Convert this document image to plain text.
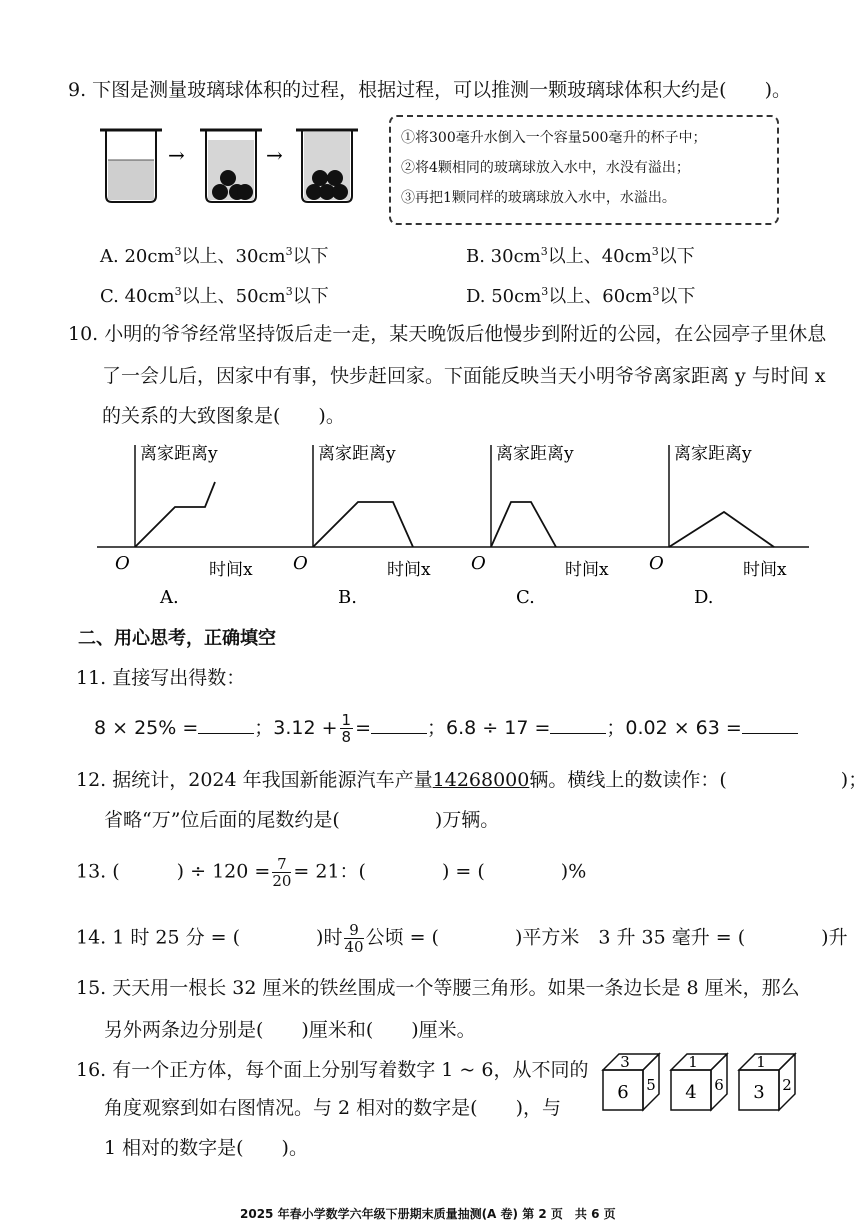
9. 下图是测量玻璃球体积的过程，根据过程，可以推测一颗玻璃球体积大约是(　　)。
→	→
①将300毫升水倒入一个容量500毫升的杯子中；
②将4颗相同的玻璃球放入水中，水没有溢出；
③再把1颗同样的玻璃球放入水中，水溢出。
A. $20cm^3$以上、$30cm^3$以下	B. $30cm^3$以上、$40cm^3$以下
C. $40cm^3$以上、$50cm^3$以下	D. $50cm^3$以上、$60cm^3$以下
10. 小明的爷爷经常坚持饭后走一走，某天晚饭后他慢步到附近的公园，在公园亭子里休息
了一会儿后，因家中有事，快步赶回家。下面能反映当天小明爷爷离家距离 y 与时间 x
的关系的大致图象是(　　)。
离家距离y
时间x
O
A.
离家距离y
时间x
O
B.
离家距离y
时间x
O
C.
离家距离y
时间x
O
D.
二、用心思考，正确填空
11. 直接写出得数：
8 × 25% =	；$3.12 + \frac{1}{8}$ =	；6.8 ÷ 17 =	；0.02 × 63 =
12. 据统计，2024 年我国新能源汽车产量14268000辆。横线上的数读作：(　　　　　　)；
省略“万”位后面的尾数约是(　　　　　)万辆。
13. (　　　) ÷ $120 = \frac{7}{20} = 21$：(　　　　) = (　　　　)%
14. 1 时 25 分 = (　　　　)时 $\frac{9}{40}$ 公顷 = (　　　　)平方米　3 升 35 毫升 = (　　　　)升
15. 天天用一根长 32 厘米的铁丝围成一个等腰三角形。如果一条边长是 8 厘米，那么
另外两条边分别是(　　)厘米和(　　)厘米。
16. 有一个正方体，每个面上分别写着数字 1 ~ 6，从不同的
角度观察到如右图情况。与 2 相对的数字是(　　)，与
1 相对的数字是(　　)。
3
6 5
1
4 6
1
3 2
2025 年春小学数学六年级下册期末质量抽测(A 卷) 第 2 页　共 6 页
